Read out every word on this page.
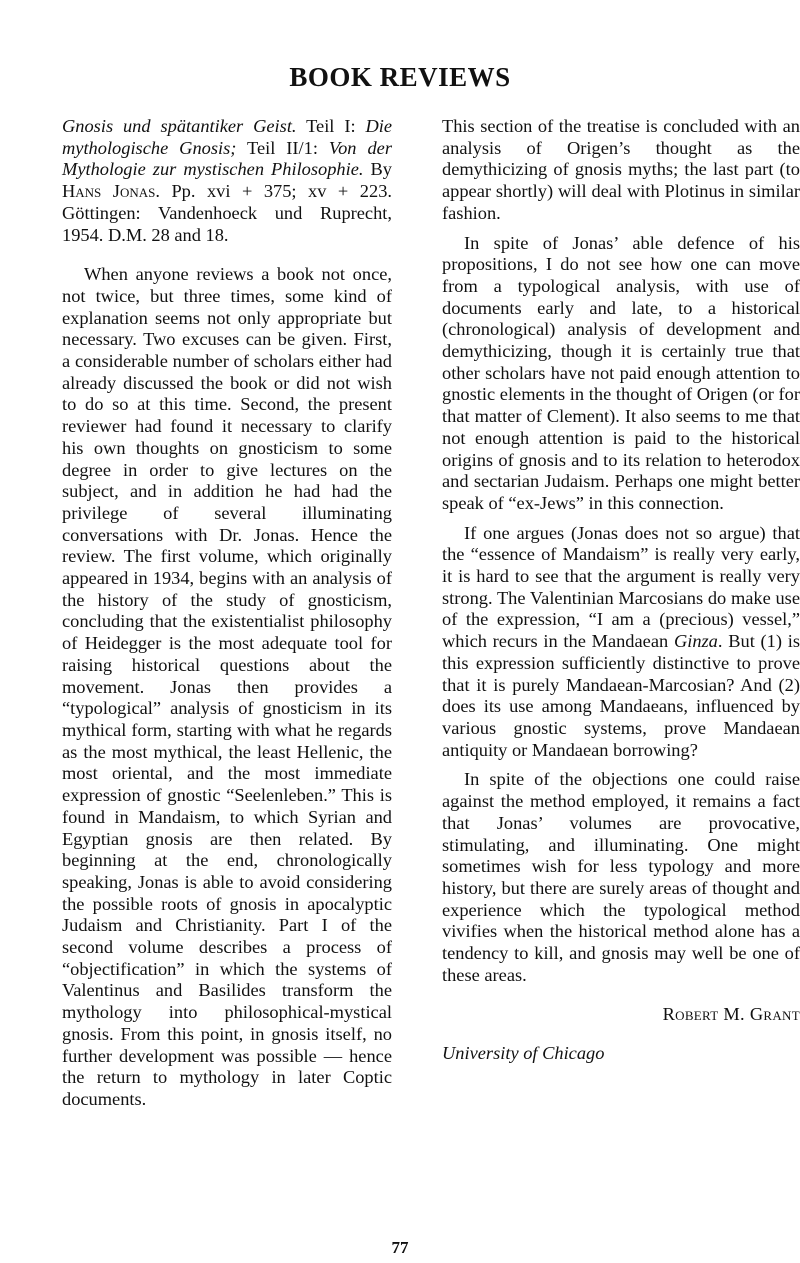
BOOK REVIEWS

Gnosis und spätantiker Geist. Teil I: Die mythologische Gnosis; Teil II/1: Von der Mythologie zur mystischen Philosophie. By Hans Jonas. Pp. xvi + 375; xv + 223. Göttingen: Vandenhoeck und Ruprecht, 1954. D.M. 28 and 18.

When anyone reviews a book not once, not twice, but three times, some kind of explanation seems not only appropriate but necessary. Two excuses can be given. First, a considerable number of scholars either had already discussed the book or did not wish to do so at this time. Second, the present reviewer had found it necessary to clarify his own thoughts on gnosticism to some degree in order to give lectures on the subject, and in addition he had had the privilege of several illuminating conversations with Dr. Jonas. Hence the review. The first volume, which originally appeared in 1934, begins with an analysis of the history of the study of gnosticism, concluding that the existentialist philosophy of Heidegger is the most adequate tool for raising historical questions about the movement. Jonas then provides a “typological” analysis of gnosticism in its mythical form, starting with what he regards as the most mythical, the least Hellenic, the most oriental, and the most immediate expression of gnostic “Seelenleben.” This is found in Mandaism, to which Syrian and Egyptian gnosis are then related. By beginning at the end, chronologically speaking, Jonas is able to avoid considering the possible roots of gnosis in apocalyptic Judaism and Christianity. Part I of the second volume describes a process of “objectification” in which the systems of Valentinus and Basilides transform the mythology into philosophical-mystical gnosis. From this point, in gnosis itself, no further development was possible — hence the return to mythology in later Coptic documents.

This section of the treatise is concluded with an analysis of Origen’s thought as the demythicizing of gnosis myths; the last part (to appear shortly) will deal with Plotinus in similar fashion.

In spite of Jonas’ able defence of his propositions, I do not see how one can move from a typological analysis, with use of documents early and late, to a historical (chronological) analysis of development and demythicizing, though it is certainly true that other scholars have not paid enough attention to gnostic elements in the thought of Origen (or for that matter of Clement). It also seems to me that not enough attention is paid to the historical origins of gnosis and to its relation to heterodox and sectarian Judaism. Perhaps one might better speak of “ex-Jews” in this connection.

If one argues (Jonas does not so argue) that the “essence of Mandaism” is really very early, it is hard to see that the argument is really very strong. The Valentinian Marcosians do make use of the expression, “I am a (precious) vessel,” which recurs in the Mandaean Ginza. But (1) is this expression sufficiently distinctive to prove that it is purely Mandaean-Marcosian? And (2) does its use among Mandaeans, influenced by various gnostic systems, prove Mandaean antiquity or Mandaean borrowing?

In spite of the objections one could raise against the method employed, it remains a fact that Jonas’ volumes are provocative, stimulating, and illuminating. One might sometimes wish for less typology and more history, but there are surely areas of thought and experience which the typological method vivifies when the historical method alone has a tendency to kill, and gnosis may well be one of these areas.

Robert M. Grant
University of Chicago
77
